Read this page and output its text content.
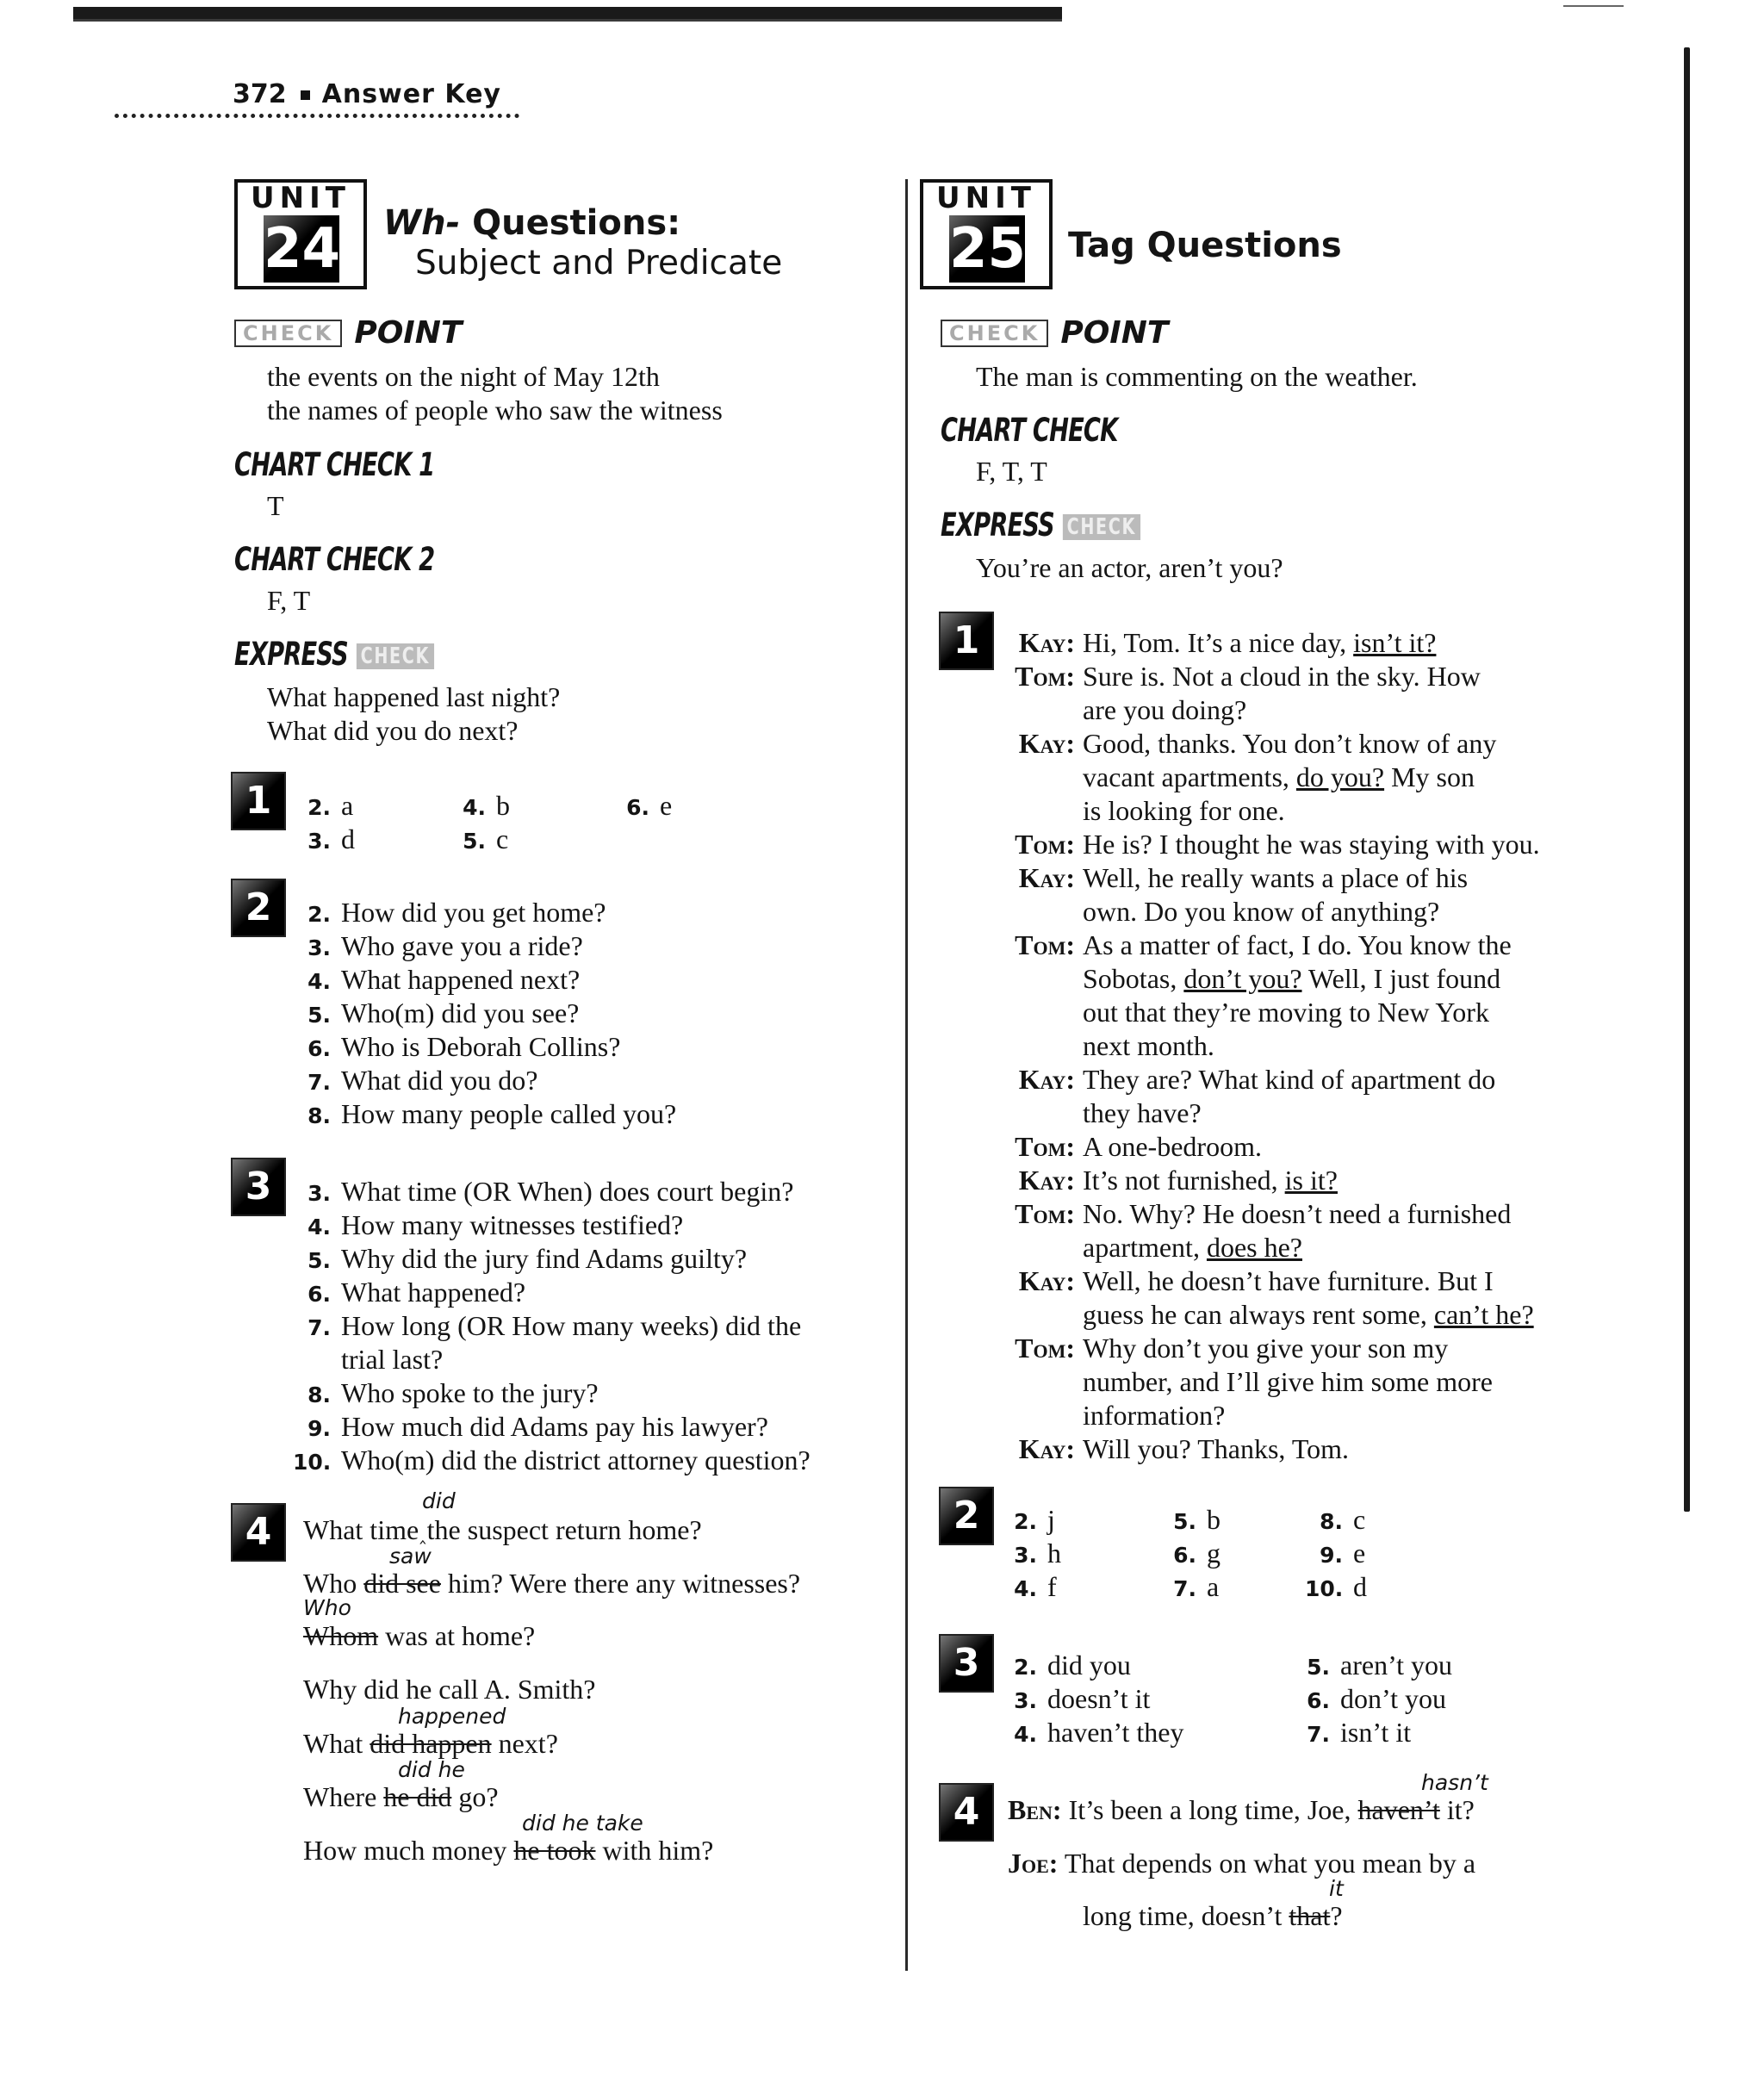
372 Answer Key
UNIT
24 Wh- Questions:
Subject and Predicate
CHECK POINT
the events on the night of May 12th
the names of people who saw the witness
CHART CHECK 1
T
CHART CHECK 2
F, T
EXPRESS CHECK
What happened last night?
What did you do next?
1	2. a
3. d
4. b
5. c
6. e
2	2. How did you get home?
3. Who gave you a ride?
4. What happened next?
5. Who(m) did you see?
6. Who is Deborah Collins?
7. What did you do?
8. How many people called you?
3	3. What time (OR When) does court begin?
4. How many witnesses testified?
5. Why did the jury find Adams guilty?
6. What happened?
7. How long (OR How many weeks) did the
trial last?
8. Who spoke to the jury?
9. How much did Adams pay his lawyer?
10. Who(m) did the district attorney question?
4
did
What time‸the suspect return home?
saw
Who did see him? Were there any witnesses?
Who
Whom was at home?
Why did he call A. Smith?
happened
What did happen next?
did he
Where he did go?
did he take
How much money he took with him?
UNIT
25 Tag Questions
CHECK POINT
The man is commenting on the weather.
CHART CHECK
F, T, T
EXPRESS CHECK
You’re an actor, aren’t you?
1	Kay: Hi, Tom. It’s a nice day, isn’t it?
Tom: Sure is. Not a cloud in the sky. How
are you doing?
Kay: Good, thanks. You don’t know of any
vacant apartments, do you? My son
is looking for one.
Tom: He is? I thought he was staying with you.
Kay: Well, he really wants a place of his
own. Do you know of anything?
Tom: As a matter of fact, I do. You know the
Sobotas, don’t you? Well, I just found
out that they’re moving to New York
next month.
Kay: They are? What kind of apartment do
they have?
Tom: A one-bedroom.
Kay: It’s not furnished, is it?
Tom: No. Why? He doesn’t need a furnished
apartment, does he?
Kay: Well, he doesn’t have furniture. But I
guess he can always rent some, can’t he?
Tom: Why don’t you give your son my
number, and I’ll give him some more
information?
Kay: Will you? Thanks, Tom.
2	2. j
3. h
4. f
5. b
6. g
7. a
8. c
9. e
10. d
3	2. did you
3. doesn’t it
4. haven’t they
5. aren’t you
6. don’t you
7. isn’t it
4
hasn’t
Ben: It’s been a long time, Joe, haven’t it?
Joe: That depends on what you mean by a
it
long time, doesn’t that?
